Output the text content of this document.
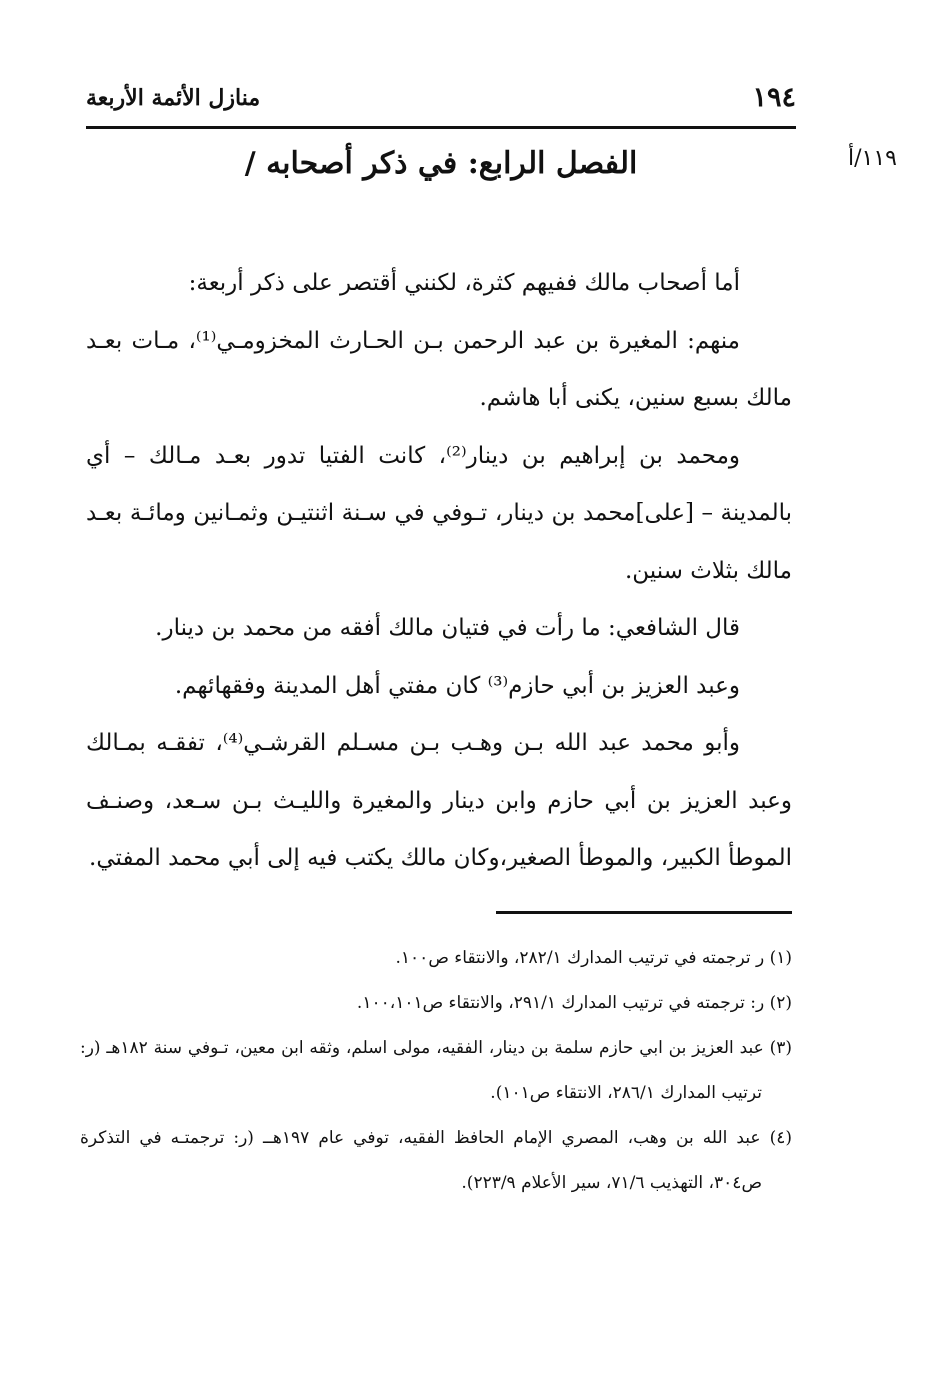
١٩٤
منازل الأئمة الأربعة
١١٩/أ
الفصل الرابع: في ذكر أصحابه /

أما أصحاب مالك ففيهم كثرة، لكنني أقتصر على ذكر أربعة:

منهم: المغيرة بن عبد الرحمن بـن الحـارث المخزومـي⁽¹⁾، مـات بعـد مالك بسبع سنين، يكنى أبا هاشم.

ومحمد بن إبراهيم بن دينار⁽²⁾، كانت الفتيا تدور بعـد مـالك – أي بالمدينة – [على]محمد بن دينار، تـوفي في سـنة اثنتيـن وثمـانين ومائـة بعـد مالك بثلاث سنين.

قال الشافعي: ما رأت في فتيان مالك أفقه من محمد بن دينار.

وعبد العزيز بن أبي حازم⁽³⁾ كان مفتي أهل المدينة وفقهائهم.

وأبو محمد عبد الله بـن وهـب بـن مسـلم القرشـي⁽⁴⁾، تفقـه بمـالك وعبد العزيز بن أبي حازم وابن دينار والمغيرة والليـث بـن سـعد، وصنـف الموطأ الكبير، والموطأ الصغير،وكان مالك يكتب فيه إلى أبي محمد المفتي.

(١) ر ترجمته في ترتيب المدارك ٢٨٢/١، والانتقاء ص١٠٠.

(٢) ر: ترجمته في ترتيب المدارك ٢٩١/١، والانتقاء ص١٠٠،١٠١.

(٣) عبد العزيز بن ابي حازم سلمة بن دينار، الفقيه، مولى اسلم، وثقه ابن معين، تـوفي سنة ١٨٢هـ (ر: ترتيب المدارك ٢٨٦/١، الانتقاء ص١٠١).

(٤) عبد الله بن وهب، المصري الإمام الحافظ الفقيه، توفي عام ١٩٧هــ (ر: ترجمتـه في التذكرة ص٣٠٤، التهذيب ٧١/٦، سير الأعلام ٢٢٣/٩).
